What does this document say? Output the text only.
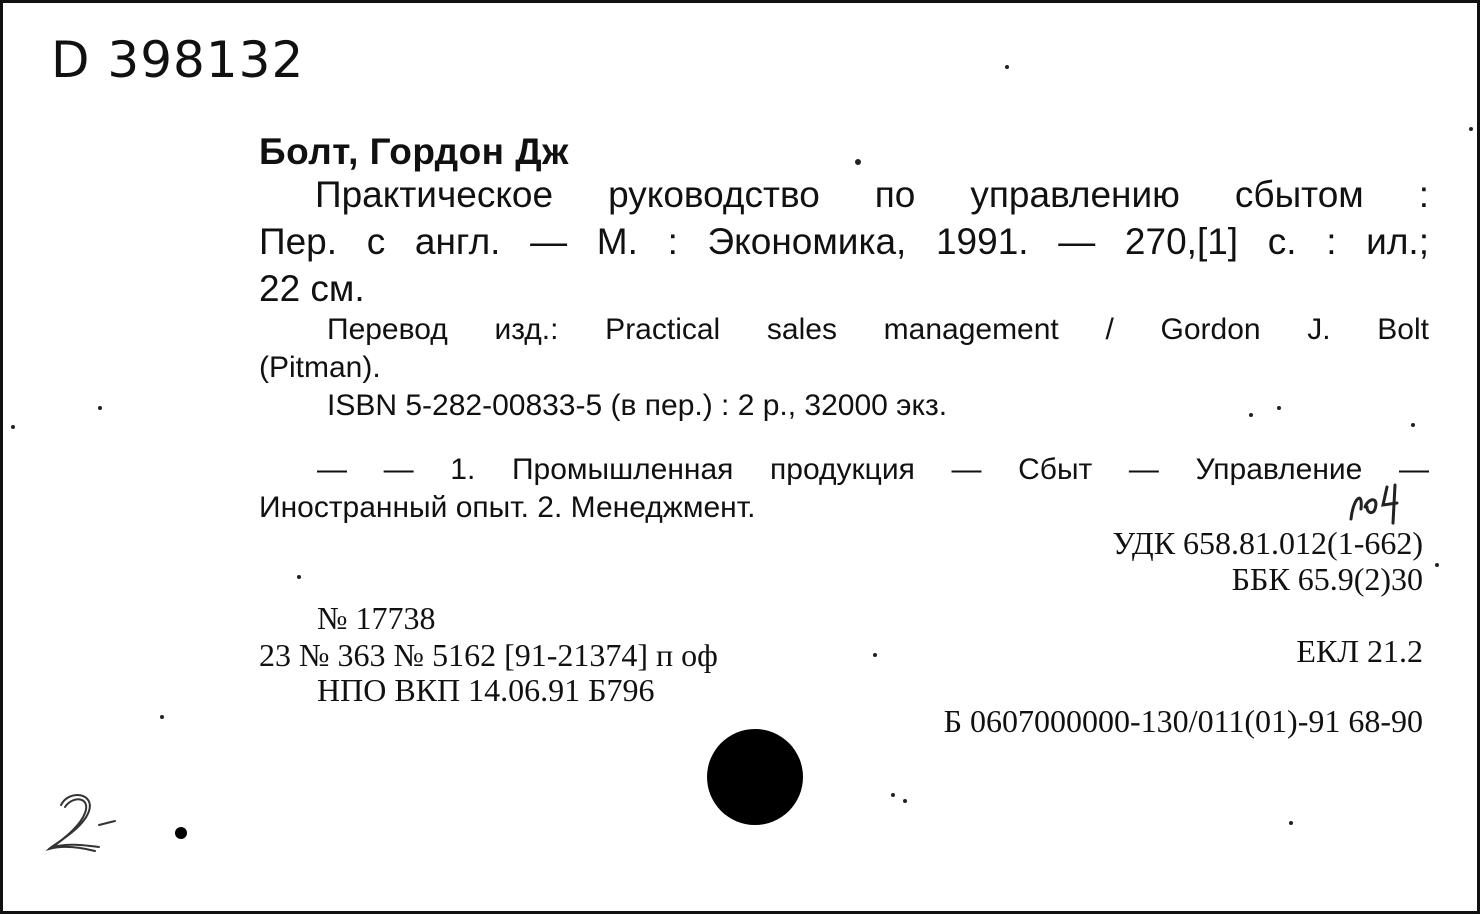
D 398132
Болт, Гордон Дж
Практическое руководство по управлению сбытом :
Пер. с англ. — М. : Экономика, 1991. — 270,[1] с. : ил.;
22 см.
Перевод изд.: Practical sales management / Gordon J. Bolt
(Pitman).
ISBN 5-282-00833-5 (в пер.) : 2 р., 32000 экз.
— — 1. Промышленная продукция — Сбыт — Управление —
Иностранный опыт. 2. Менеджмент.
УДК 658.81.012(1-662)
ББК 65.9(2)30
№ 17738
23 № 363 № 5162 [91-21374] п оф
НПО ВКП 14.06.91 Б796
ЕКЛ 21.2
Б 0607000000-130/011(01)-91 68-90
